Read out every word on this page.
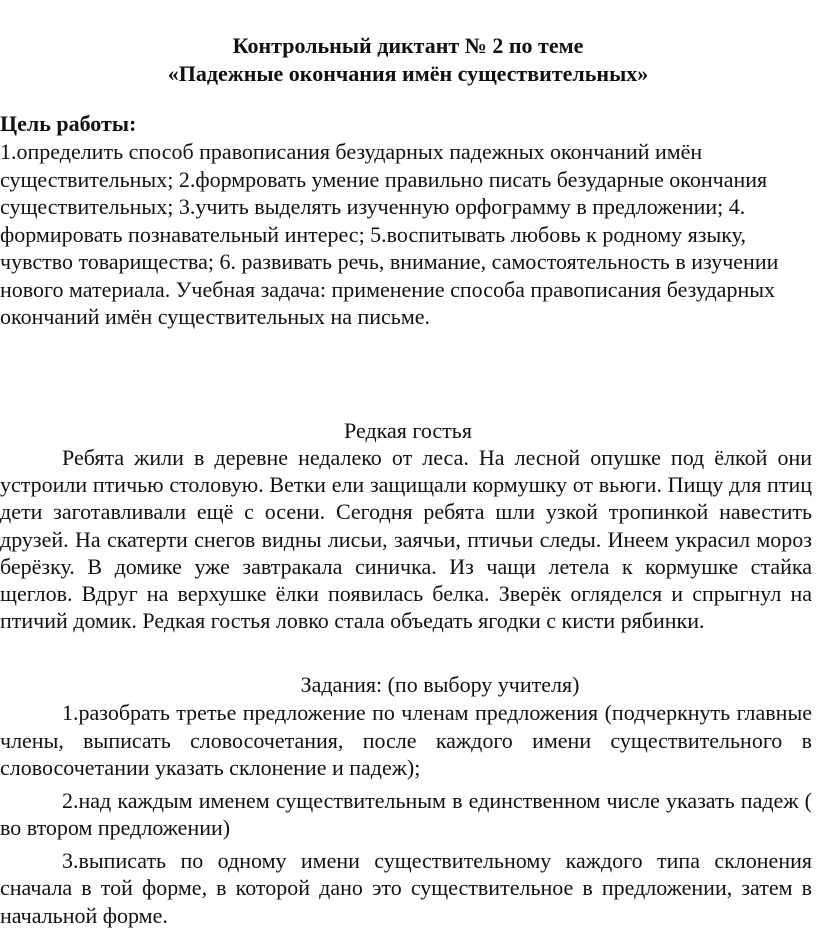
Контрольный диктант № 2 по теме
«Падежные окончания имён существительных»
Цель работы:
1.определить способ правописания безударных падежных окончаний имён существительных; 2.формровать умение правильно писать безударные окончания существительных; 3.учить выделять изученную орфограмму в предложении; 4. формировать познавательный интерес; 5.воспитывать любовь к родному языку, чувство товарищества; 6. развивать речь, внимание, самостоятельность в изучении нового материала. Учебная задача: применение способа правописания безударных окончаний имён существительных на письме.
Редкая гостья
Ребята жили в деревне недалеко от леса. На лесной опушке под ёлкой они устроили птичью столовую. Ветки ели защищали кормушку от вьюги. Пищу для птиц дети заготавливали ещё с осени. Сегодня ребята шли узкой тропинкой навестить друзей. На скатерти снегов видны лисьи, заячьи, птичьи следы. Инеем украсил мороз берёзку. В домике уже завтракала синичка. Из чащи летела к кормушке стайка щеглов. Вдруг на верхушке ёлки появилась белка. Зверёк огляделся и спрыгнул на птичий домик. Редкая гостья ловко стала объедать ягодки с кисти рябинки.
Задания: (по выбору учителя)

1.разобрать третье предложение по членам предложения (подчеркнуть главные члены, выписать словосочетания, после каждого имени существительного в словосочетании указать склонение и падеж);

2.над каждым именем существительным в единственном числе указать падеж ( во втором предложении)

3.выписать по одному имени существительному каждого типа склонения сначала в той форме, в которой дано это существительное в предложении, затем в начальной форме.
